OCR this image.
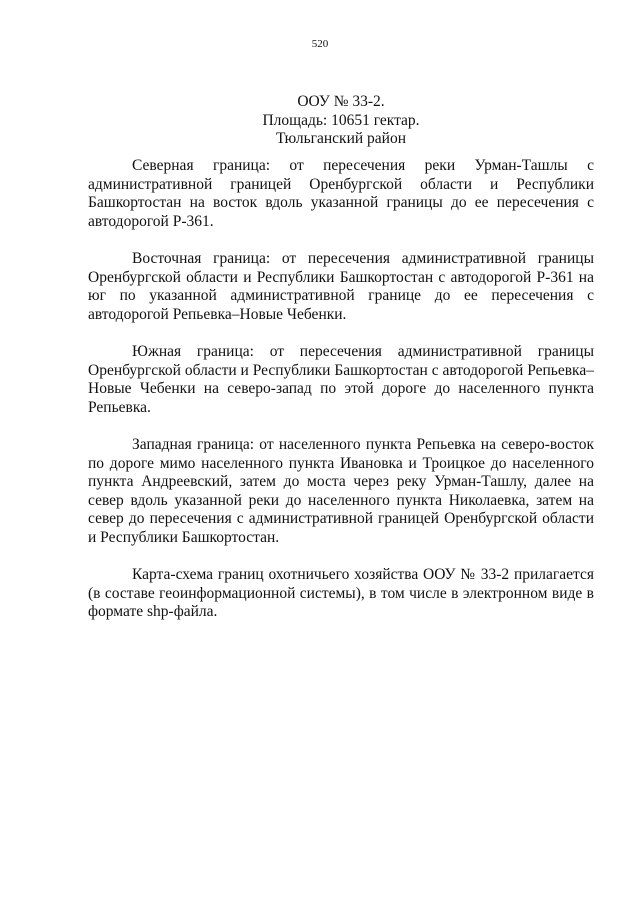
520
ООУ № 33-2.
Площадь: 10651 гектар.
Тюльганский район

Северная граница: от пересечения реки Урман-Ташлы с административной границей Оренбургской области и Республики Башкортостан на восток вдоль указанной границы до ее пересечения с автодорогой Р-361.

Восточная граница: от пересечения административной границы Оренбургской области и Республики Башкортостан с автодорогой Р-361 на юг по указанной административной границе до ее пересечения с автодорогой Репьевка–Новые Чебенки.

Южная граница: от пересечения административной границы Оренбургской области и Республики Башкортостан с автодорогой Репьевка–Новые Чебенки на северо-запад по этой дороге до населенного пункта Репьевка.

Западная граница: от населенного пункта Репьевка на северо-восток по дороге мимо населенного пункта Ивановка и Троицкое до населенного пункта Андреевский, затем до моста через реку Урман-Ташлу, далее на север вдоль указанной реки до населенного пункта Николаевка, затем на север до пересечения с административной границей Оренбургской области и Республики Башкортостан.

Карта-схема границ охотничьего хозяйства ООУ № 33-2 прилагается (в составе геоинформационной системы), в том числе в электронном виде в формате shp-файла.
